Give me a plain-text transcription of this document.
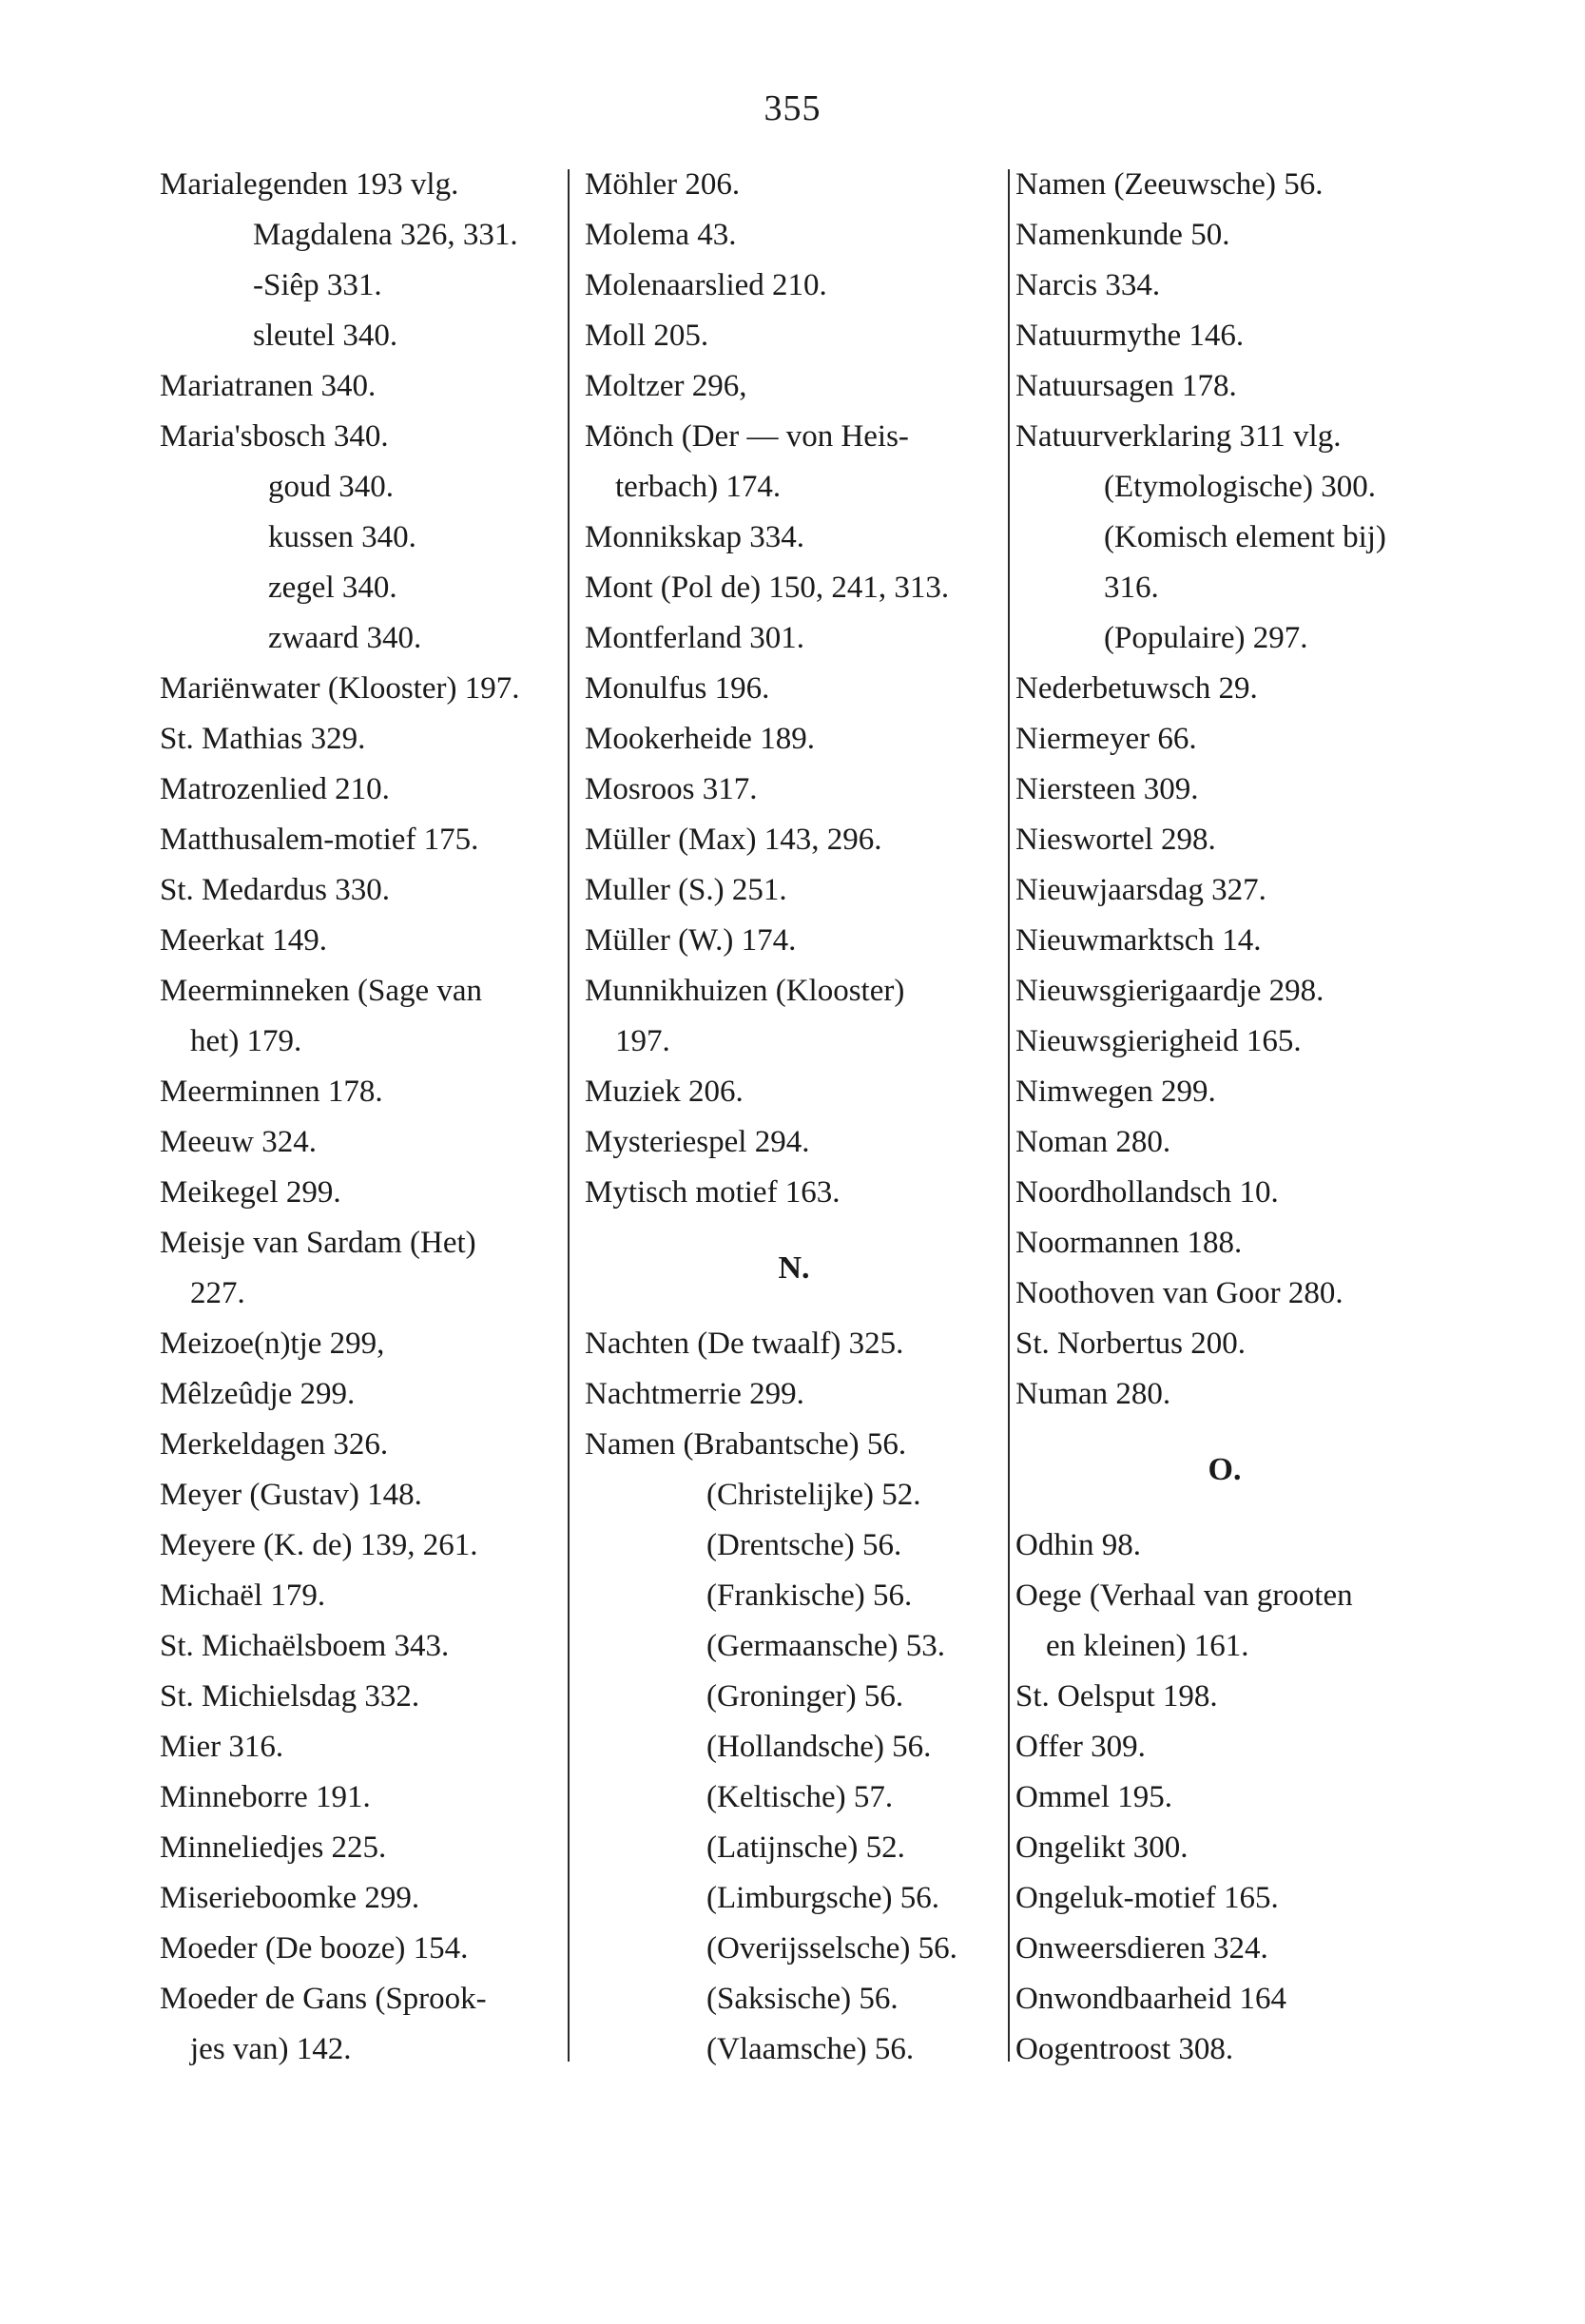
355
Marialegenden 193 vlg.
Magdalena 326, 331.
-Siêp 331.
sleutel 340.
Mariatranen 340.
Maria'sbosch 340.
goud 340.
kussen 340.
zegel 340.
zwaard 340.
Mariënwater (Klooster) 197.
St. Mathias 329.
Matrozenlied 210.
Matthusalem-motief 175.
St. Medardus 330.
Meerkat 149.
Meerminneken (Sage van
het) 179.
Meerminnen 178.
Meeuw 324.
Meikegel 299.
Meisje van Sardam (Het)
227.
Meizoe(n)tje 299,
Mêlzeûdje 299.
Merkeldagen 326.
Meyer (Gustav) 148.
Meyere (K. de) 139, 261.
Michaël 179.
St. Michaëlsboem 343.
St. Michielsdag 332.
Mier 316.
Minneborre 191.
Minneliedjes 225.
Miserieboomke 299.
Moeder (De booze) 154.
Moeder de Gans (Sprook-
jes van) 142.
Möhler 206.
Molema 43.
Molenaarslied 210.
Moll 205.
Moltzer 296,
Mönch (Der — von Heis-
terbach) 174.
Monnikskap 334.
Mont (Pol de) 150, 241, 313.
Montferland 301.
Monulfus 196.
Mookerheide 189.
Mosroos 317.
Müller (Max) 143, 296.
Muller (S.) 251.
Müller (W.) 174.
Munnikhuizen (Klooster)
197.
Muziek 206.
Mysteriespel 294.
Mytisch motief 163.
N.
Nachten (De twaalf) 325.
Nachtmerrie 299.
Namen (Brabantsche) 56.
(Christelijke) 52.
(Drentsche) 56.
(Frankische) 56.
(Germaansche) 53.
(Groninger) 56.
(Hollandsche) 56.
(Keltische) 57.
(Latijnsche) 52.
(Limburgsche) 56.
(Overijsselsche) 56.
(Saksische) 56.
(Vlaamsche) 56.
Namen (Zeeuwsche) 56.
Namenkunde 50.
Narcis 334.
Natuurmythe 146.
Natuursagen 178.
Natuurverklaring 311 vlg.
(Etymologische) 300.
(Komisch element bij)
316.
(Populaire) 297.
Nederbetuwsch 29.
Niermeyer 66.
Niersteen 309.
Nieswortel 298.
Nieuwjaarsdag 327.
Nieuwmarktsch 14.
Nieuwsgierigaardje 298.
Nieuwsgierigheid 165.
Nimwegen 299.
Noman 280.
Noordhollandsch 10.
Noormannen 188.
Noothoven van Goor 280.
St. Norbertus 200.
Numan 280.
O.
Odhin 98.
Oege (Verhaal van grooten
en kleinen) 161.
St. Oelsput 198.
Offer 309.
Ommel 195.
Ongelikt 300.
Ongeluk-motief 165.
Onweersdieren 324.
Onwondbaarheid 164
Oogentroost 308.
